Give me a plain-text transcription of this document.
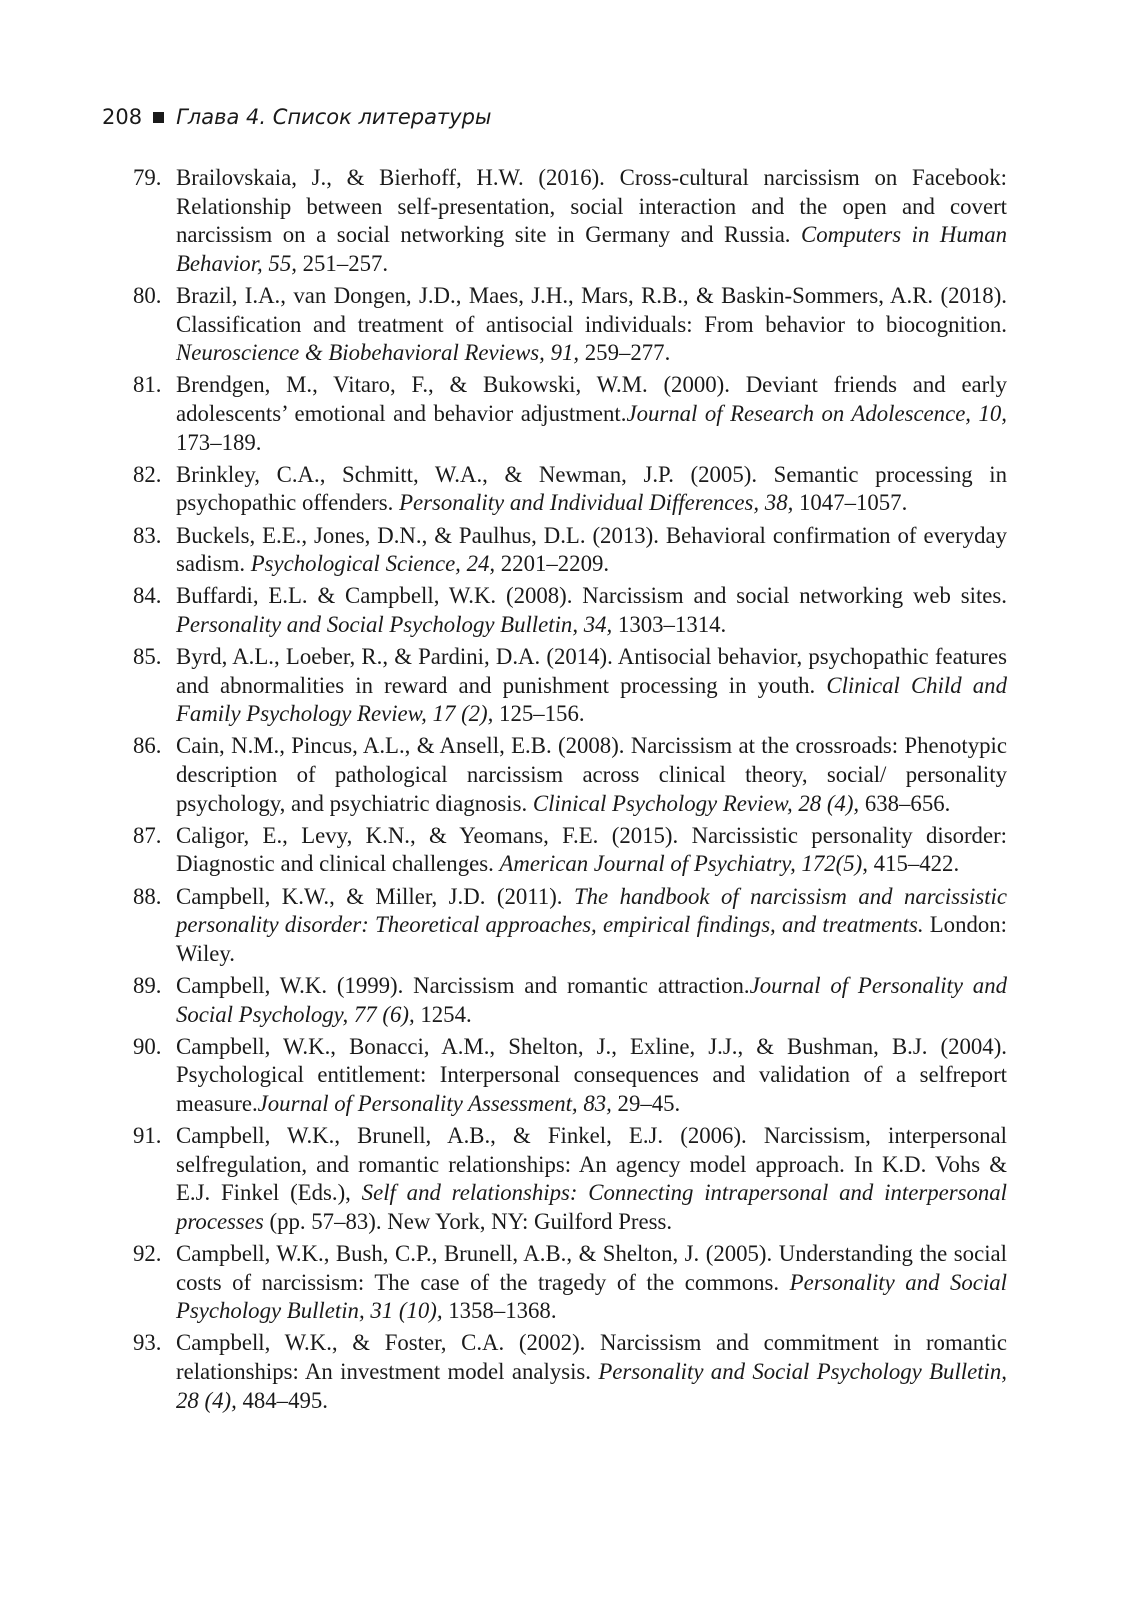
208 Глава 4. Список литературы
79. Brailovskaia, J., & Bierhoff, H.W. (2016). Cross-cultural narcissism on Facebook: Relationship between self-presentation, social interaction and the open and covert narcissism on a social networking site in Germany and Russia. Computers in Human Behavior, 55, 251–257.
80. Brazil, I.A., van Dongen, J.D., Maes, J.H., Mars, R.B., & Baskin-Sommers, A.R. (2018). Classification and treatment of antisocial individuals: From behavior to biocognition. Neuroscience & Biobehavioral Reviews, 91, 259–277.
81. Brendgen, M., Vitaro, F., & Bukowski, W.M. (2000). Deviant friends and early adolescents’ emotional and behavior adjustment.Journal of Research on Adolescence, 10, 173–189.
82. Brinkley, C.A., Schmitt, W.A., & Newman, J.P. (2005). Semantic processing in psychopathic offenders. Personality and Individual Differences, 38, 1047–1057.
83. Buckels, E.E., Jones, D.N., & Paulhus, D.L. (2013). Behavioral confirmation of everyday sadism. Psychological Science, 24, 2201–2209.
84. Buffardi, E.L. & Campbell, W.K. (2008). Narcissism and social networking web sites. Personality and Social Psychology Bulletin, 34, 1303–1314.
85. Byrd, A.L., Loeber, R., & Pardini, D.A. (2014). Antisocial behavior, psychopathic features and abnormalities in reward and punishment processing in youth. Clinical Child and Family Psychology Review, 17 (2), 125–156.
86. Cain, N.M., Pincus, A.L., & Ansell, E.B. (2008). Narcissism at the crossroads: Phenotypic description of pathological narcissism across clinical theory, social/ personality psychology, and psychiatric diagnosis. Clinical Psychology Review, 28 (4), 638–656.
87. Caligor, E., Levy, K.N., & Yeomans, F.E. (2015). Narcissistic personality disorder: Diagnostic and clinical challenges. American Journal of Psychiatry, 172(5), 415–422.
88. Campbell, K.W., & Miller, J.D. (2011). The handbook of narcissism and narcissistic personality disorder: Theoretical approaches, empirical findings, and treatments. London: Wiley.
89. Campbell, W.K. (1999). Narcissism and romantic attraction.Journal of Personality and Social Psychology, 77 (6), 1254.
90. Campbell, W.K., Bonacci, A.M., Shelton, J., Exline, J.J., & Bushman, B.J. (2004). Psychological entitlement: Interpersonal consequences and validation of a selfreport measure.Journal of Personality Assessment, 83, 29–45.
91. Campbell, W.K., Brunell, A.B., & Finkel, E.J. (2006). Narcissism, interpersonal selfregulation, and romantic relationships: An agency model approach. In K.D. Vohs & E.J. Finkel (Eds.), Self and relationships: Connecting intrapersonal and interpersonal processes (pp. 57–83). New York, NY: Guilford Press.
92. Campbell, W.K., Bush, C.P., Brunell, A.B., & Shelton, J. (2005). Understanding the social costs of narcissism: The case of the tragedy of the commons. Personality and Social Psychology Bulletin, 31 (10), 1358–1368.
93. Campbell, W.K., & Foster, C.A. (2002). Narcissism and commitment in romantic relationships: An investment model analysis. Personality and Social Psychology Bulletin, 28 (4), 484–495.
